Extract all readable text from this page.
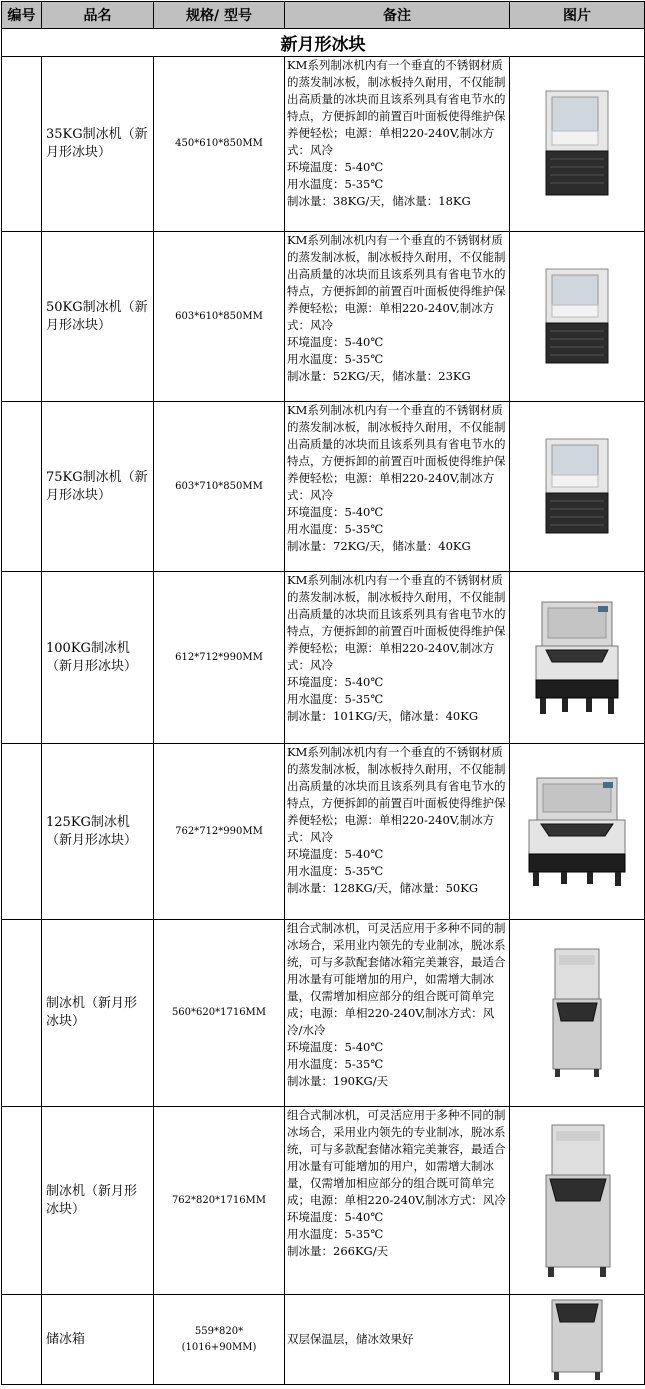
编号	品名	规格/ 型号	备注	图片
新月形冰块				
	35KG制冰机（新月形冰块）	450*610*850MM	KM系列制冰机内有一个垂直的不锈钢材质的蒸发制冰板，制冰板持久耐用，不仅能制出高质量的冰块而且该系列具有省电节水的特点，方便拆卸的前置百叶面板使得维护保养便轻松；电源：单相220-240V,制冰方式：风冷
环境温度：5-40℃
用水温度：5-35℃
制冰量：38KG/天，储冰量：18KG

	50KG制冰机（新月形冰块）	603*610*850MM	KM系列制冰机内有一个垂直的不锈钢材质的蒸发制冰板，制冰板持久耐用，不仅能制出高质量的冰块而且该系列具有省电节水的特点，方便拆卸的前置百叶面板使得维护保养便轻松；电源：单相220-240V,制冰方式：风冷
环境温度：5-40℃
用水温度：5-35℃
制冰量：52KG/天，储冰量：23KG

	75KG制冰机（新月形冰块）	603*710*850MM	KM系列制冰机内有一个垂直的不锈钢材质的蒸发制冰板，制冰板持久耐用，不仅能制出高质量的冰块而且该系列具有省电节水的特点，方便拆卸的前置百叶面板使得维护保养便轻松；电源：单相220-240V,制冰方式：风冷
环境温度：5-40℃
用水温度：5-35℃
制冰量：72KG/天，储冰量：40KG

	100KG制冰机（新月形冰块）	612*712*990MM	KM系列制冰机内有一个垂直的不锈钢材质的蒸发制冰板，制冰板持久耐用，不仅能制出高质量的冰块而且该系列具有省电节水的特点，方便拆卸的前置百叶面板使得维护保养便轻松；电源：单相220-240V,制冰方式：风冷
环境温度：5-40℃
用水温度：5-35℃
制冰量：101KG/天，储冰量：40KG

	125KG制冰机（新月形冰块）	762*712*990MM	KM系列制冰机内有一个垂直的不锈钢材质的蒸发制冰板，制冰板持久耐用，不仅能制出高质量的冰块而且该系列具有省电节水的特点，方便拆卸的前置百叶面板使得维护保养便轻松；电源：单相220-240V,制冰方式：风冷
环境温度：5-40℃
用水温度：5-35℃
制冰量：128KG/天，储冰量：50KG

	制冰机（新月形冰块）	560*620*1716MM	组合式制冰机，可灵活应用于多种不同的制冰场合，采用业内领先的专业制冰，脱冰系统，可与多款配套储冰箱完美兼容，最适合用冰量有可能增加的用户，如需增大制冰量，仅需增加相应部分的组合既可简单完成；电源：单相220-240V,制冰方式：风冷/水冷
环境温度：5-40℃
用水温度：5-35℃
制冰量：190KG/天

	制冰机（新月形冰块）	762*820*1716MM	组合式制冰机，可灵活应用于多种不同的制冰场合，采用业内领先的专业制冰，脱冰系统，可与多款配套储冰箱完美兼容，最适合用冰量有可能增加的用户，如需增大制冰量，仅需增加相应部分的组合既可简单完成；电源：单相220-240V,制冰方式：风冷
环境温度：5-40℃
用水温度：5-35℃
制冰量：266KG/天

	储冰箱	559*820*
(1016+90MM)	双层保温层，储冰效果好	
